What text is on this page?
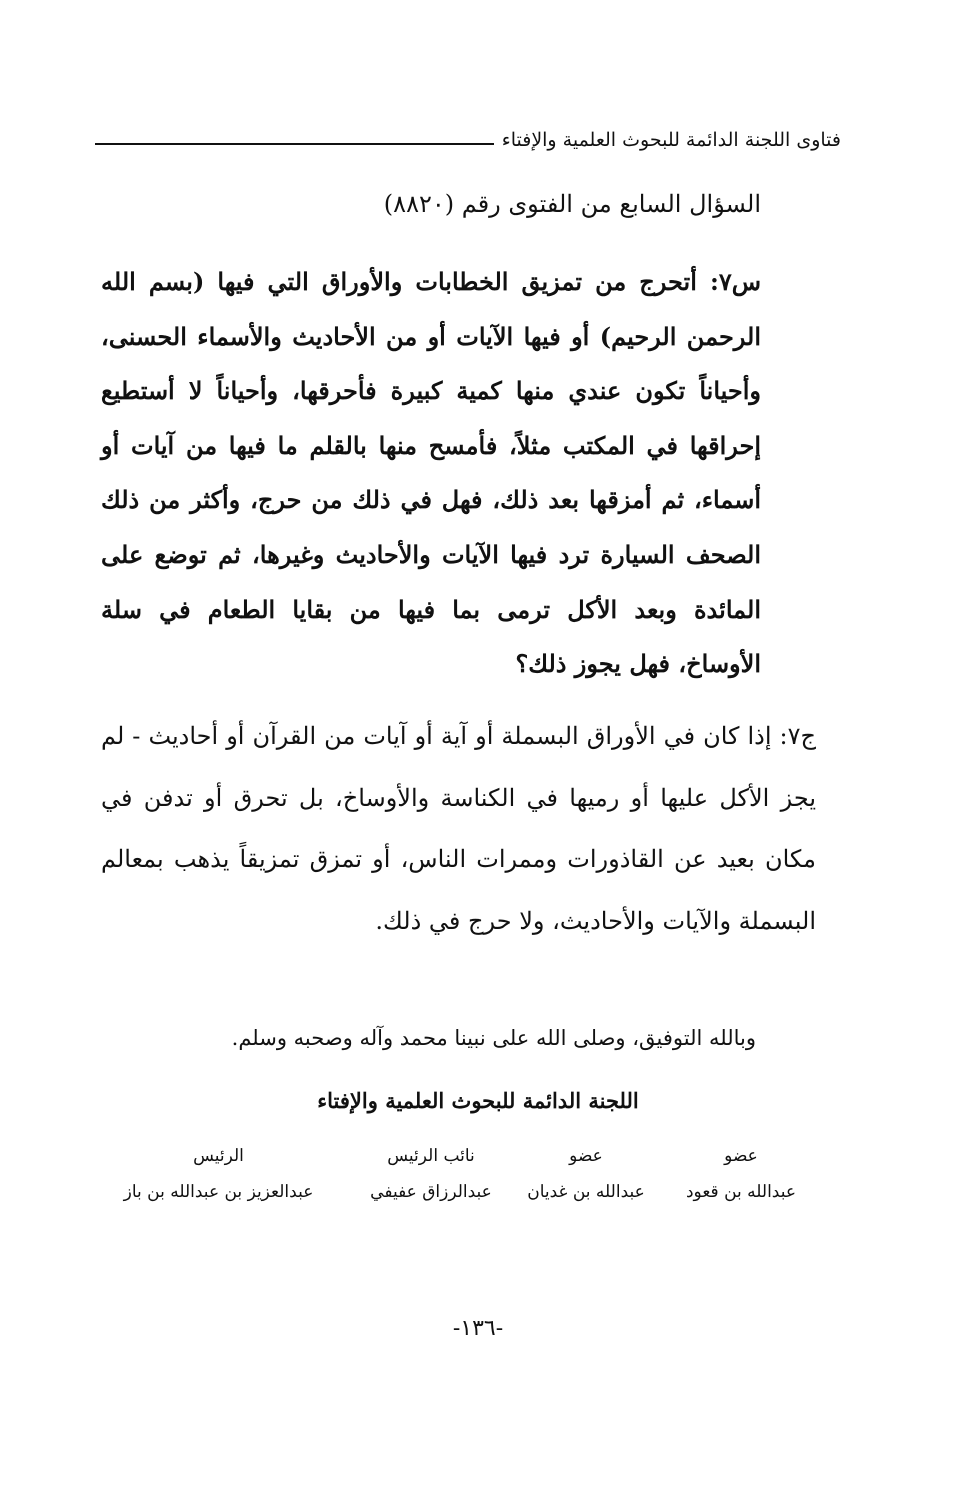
فتاوى اللجنة الدائمة للبحوث العلمية والإفتاء
السؤال السابع من الفتوى رقم (٨٨٢٠)
س٧: أتحرج من تمزيق الخطابات والأوراق التي فيها (بسم الله الرحمن الرحيم) أو فيها الآيات أو من الأحاديث والأسماء الحسنى، وأحياناً تكون عندي منها كمية كبيرة فأحرقها، وأحياناً لا أستطيع إحراقها في المكتب مثلاً، فأمسح منها بالقلم ما فيها من آيات أو أسماء، ثم أمزقها بعد ذلك، فهل في ذلك من حرج، وأكثر من ذلك الصحف السيارة ترد فيها الآيات والأحاديث وغيرها، ثم توضع على المائدة وبعد الأكل ترمى بما فيها من بقايا الطعام في سلة الأوساخ، فهل يجوز ذلك؟
ج٧: إذا كان في الأوراق البسملة أو آية أو آيات من القرآن أو أحاديث - لم يجز الأكل عليها أو رميها في الكناسة والأوساخ، بل تحرق أو تدفن في مكان بعيد عن القاذورات وممرات الناس، أو تمزق تمزيقاً يذهب بمعالم البسملة والآيات والأحاديث، ولا حرج في ذلك.
وبالله التوفيق، وصلى الله على نبينا محمد وآله وصحبه وسلم.
اللجنة الدائمة للبحوث العلمية والإفتاء
عضو
عبدالله بن قعود
عضو
عبدالله بن غديان
نائب الرئيس
عبدالرزاق عفيفي
الرئيس
عبدالعزيز بن عبدالله بن باز
-١٣٦-
